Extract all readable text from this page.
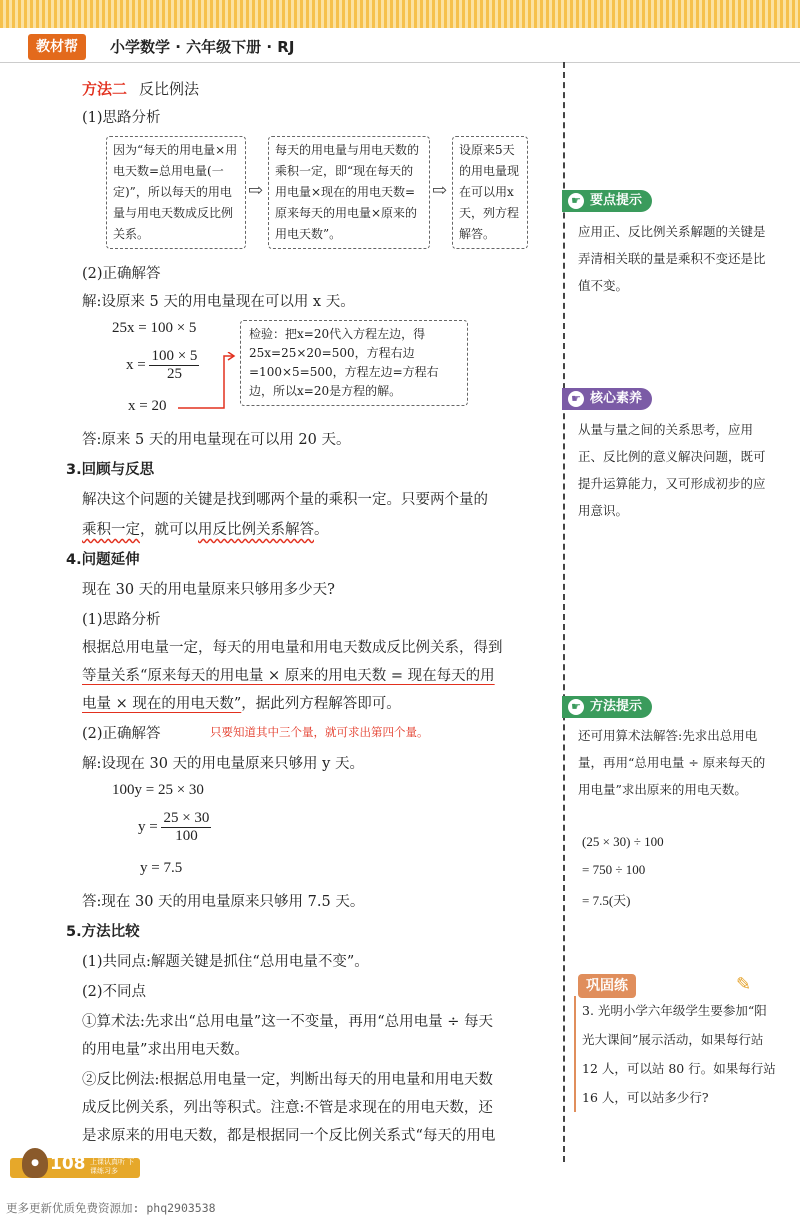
教材帮	小学数学 · 六年级下册 · RJ
方法二 反比例法
(1)思路分析
因为“每天的用电量×用电天数=总用电量(一定)”，所以每天的用电量与用电天数成反比例关系。
⇨
每天的用电量与用电天数的乘积一定，即“现在每天的用电量×现在的用电天数=原来每天的用电量×原来的用电天数”。
⇨
设原来5天的用电量现在可以用x天，列方程解答。
(2)正确解答
解:设原来 5 天的用电量现在可以用 x 天。
25x = 100 × 5
$x = \frac{100 \times 5}{25}$
x = 20
检验：把x=20代入方程左边，得25x=25×20=500，方程右边=100×5=500，方程左边=方程右边，所以x=20是方程的解。
答:原来 5 天的用电量现在可以用 20 天。
3.回顾与反思
解决这个问题的关键是找到哪两个量的乘积一定。只要两个量的
乘积一定，就可以用反比例关系解答。
4.问题延伸
现在 30 天的用电量原来只够用多少天?
(1)思路分析
根据总用电量一定，每天的用电量和用电天数成反比例关系，得到
等量关系“原来每天的用电量 × 原来的用电天数 = 现在每天的用
电量 × 现在的用电天数”，据此列方程解答即可。
(2)正确解答	只要知道其中三个量，就可求出第四个量。
解:设现在 30 天的用电量原来只够用 y 天。
100y = 25 × 30
$y = \frac{25 \times 30}{100}$
y = 7.5
答:现在 30 天的用电量原来只够用 7.5 天。
5.方法比较
(1)共同点:解题关键是抓住“总用电量不变”。
(2)不同点
①算术法:先求出“总用电量”这一不变量，再用“总用电量 ÷ 每天
的用电量”求出用电天数。
②反比例法:根据总用电量一定，判断出每天的用电量和用电天数
成反比例关系，列出等积式。注意:不管是求现在的用电天数，还
是求原来的用电天数，都是根据同一个反比例关系式“每天的用电
☛ 要点提示
应用正、反比例关系解题的关键是弄清相关联的量是乘积不变还是比值不变。
☛ 核心素养
从量与量之间的关系思考，应用正、反比例的意义解决问题，既可提升运算能力，又可形成初步的应用意识。
☛ 方法提示
还可用算术法解答:先求出总用电量，再用“总用电量 ÷ 原来每天的用电量”求出原来的用电天数。
(25 × 30) ÷ 100
= 750 ÷ 100
= 7.5(天)
巩固练	✎
3. 光明小学六年级学生要参加“阳光大课间”展示活动，如果每行站 12 人，可以站 80 行。如果每行站 16 人，可以站多少行?
● 108 上课认真听 下课练习多
更多更新优质免费资源加: phq2903538
